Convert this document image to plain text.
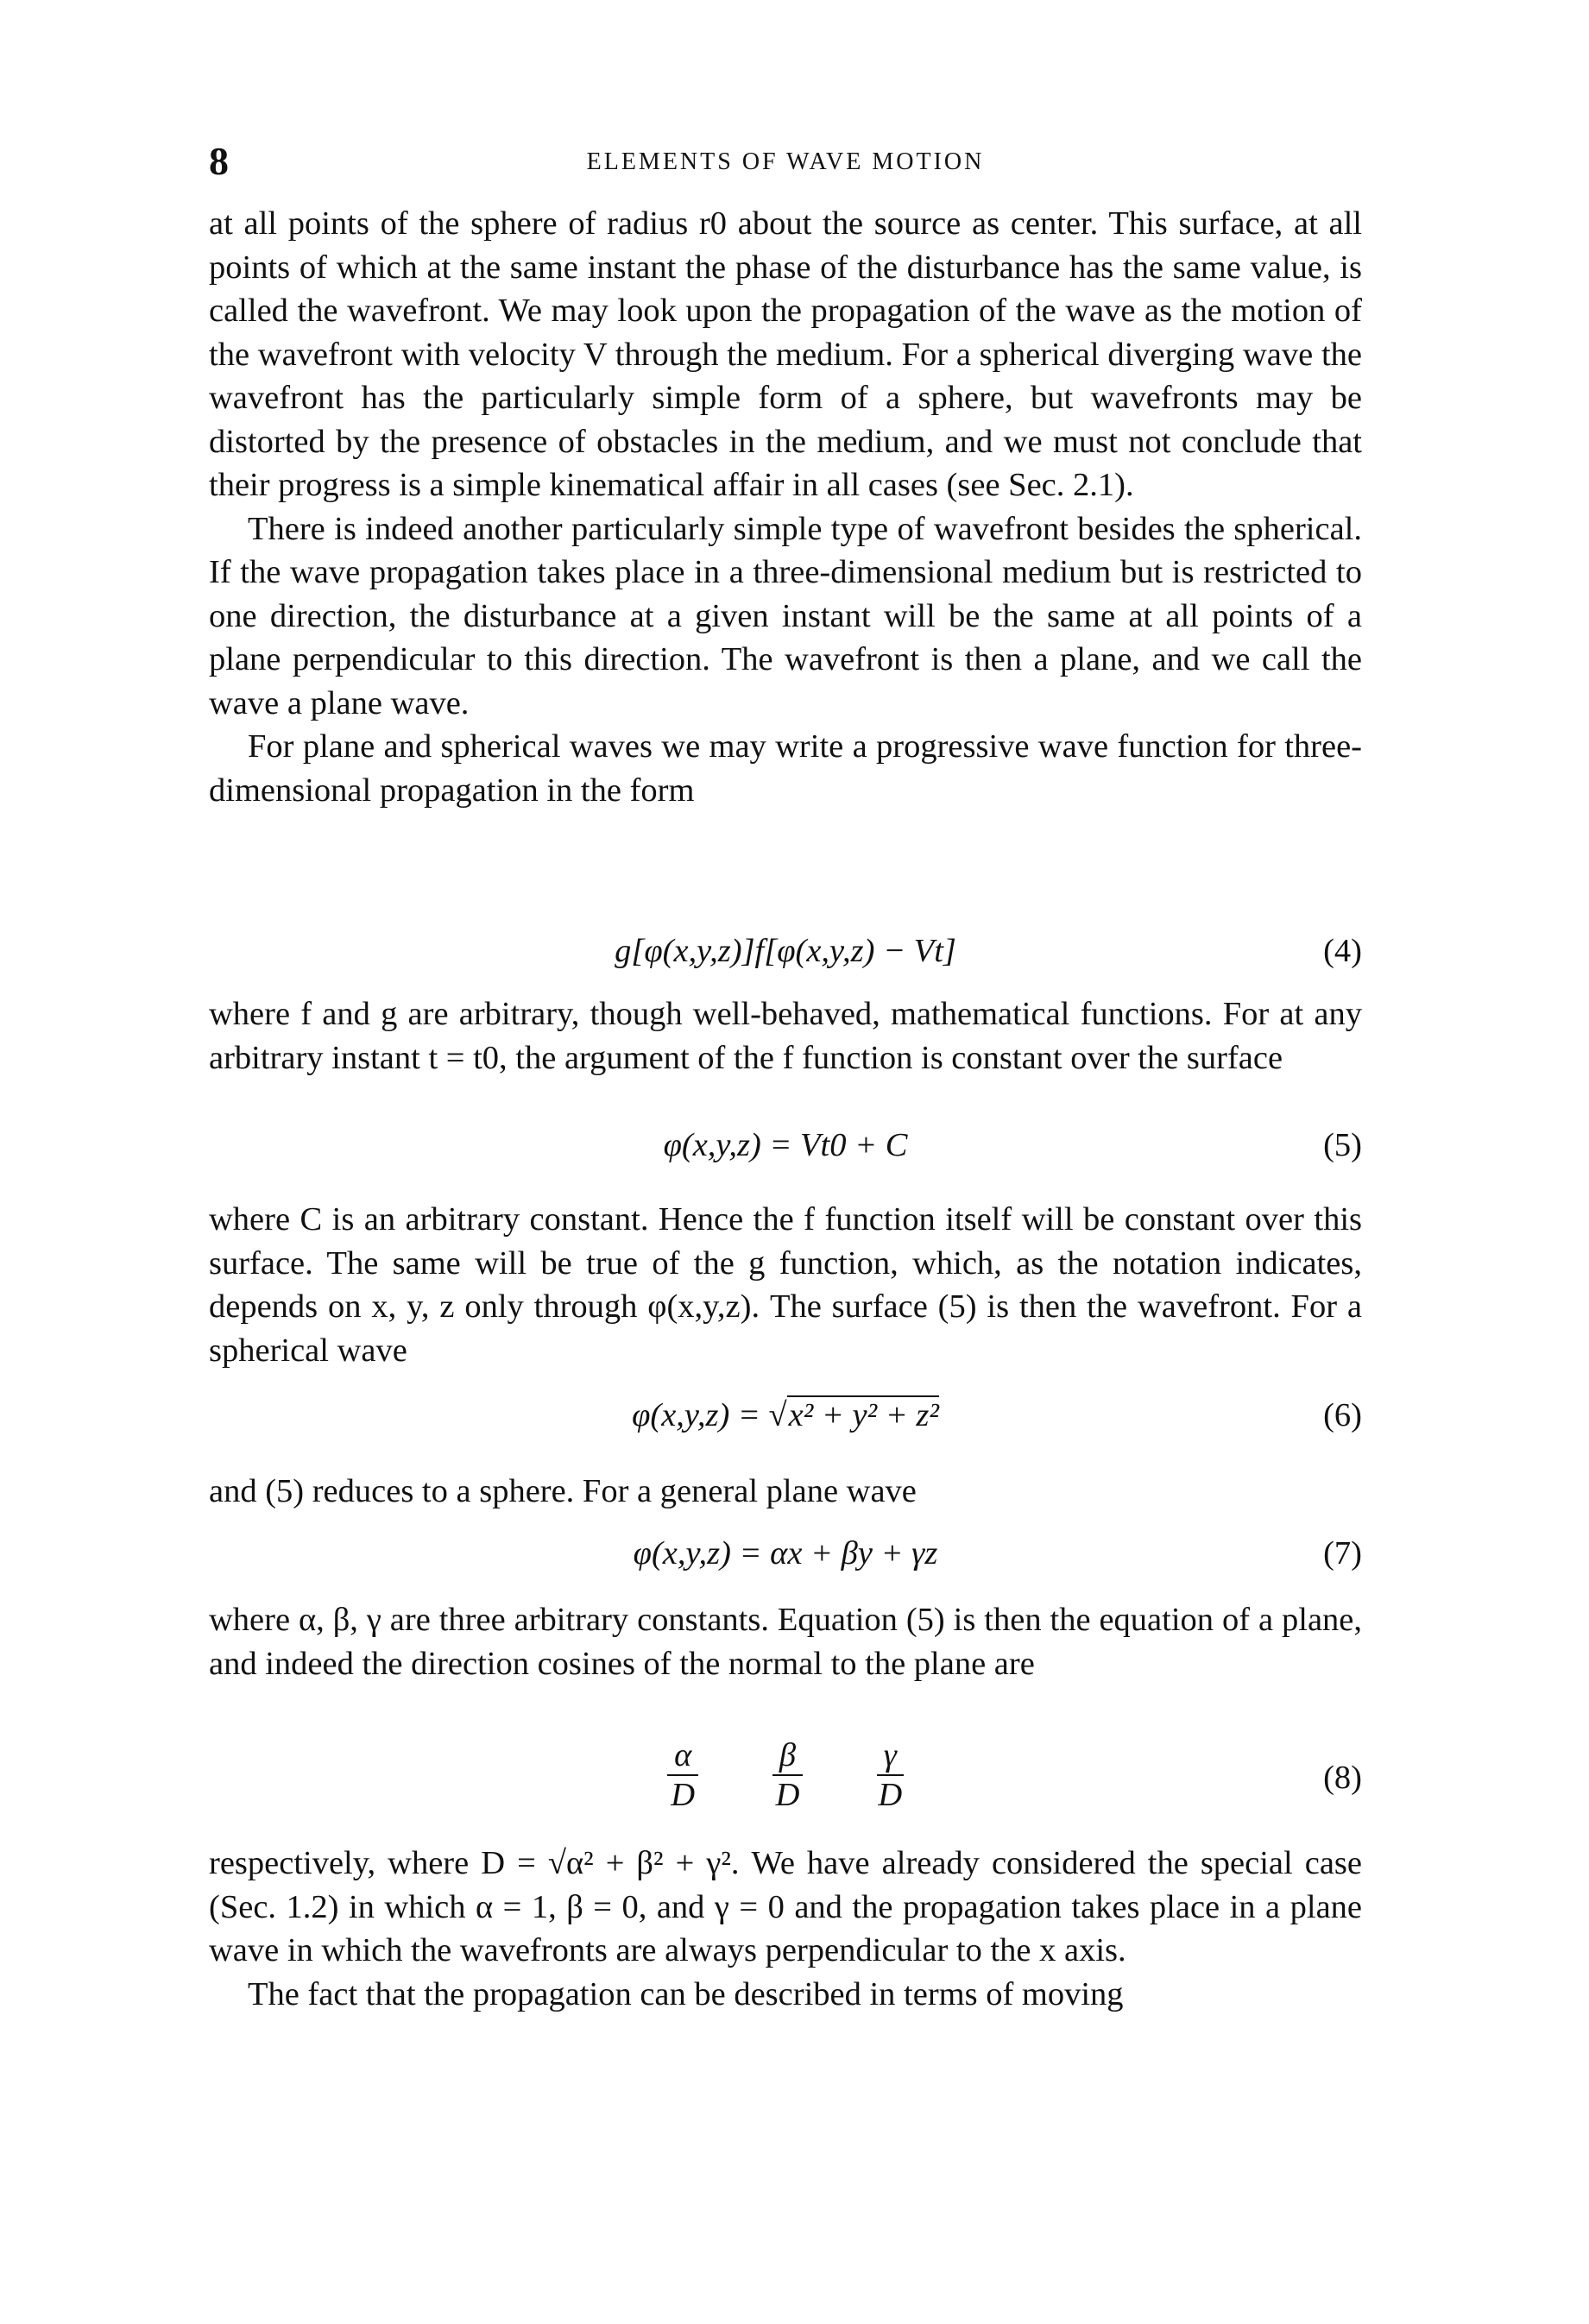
8	ELEMENTS OF WAVE MOTION

at all points of the sphere of radius r0 about the source as center. This surface, at all points of which at the same instant the phase of the disturbance has the same value, is called the wavefront. We may look upon the propagation of the wave as the motion of the wavefront with velocity V through the medium. For a spherical diverging wave the wavefront has the particularly simple form of a sphere, but wavefronts may be distorted by the presence of obstacles in the medium, and we must not conclude that their progress is a simple kinematical affair in all cases (see Sec. 2.1).

There is indeed another particularly simple type of wavefront besides the spherical. If the wave propagation takes place in a three-dimensional medium but is restricted to one direction, the disturbance at a given instant will be the same at all points of a plane perpendicular to this direction. The wavefront is then a plane, and we call the wave a plane wave.

For plane and spherical waves we may write a progressive wave function for three-dimensional propagation in the form

g[φ(x,y,z)]f[φ(x,y,z) − Vt]	(4)

where f and g are arbitrary, though well-behaved, mathematical functions. For at any arbitrary instant t = t0, the argument of the f function is constant over the surface

φ(x,y,z) = Vt0 + C	(5)

where C is an arbitrary constant. Hence the f function itself will be constant over this surface. The same will be true of the g function, which, as the notation indicates, depends on x, y, z only through φ(x,y,z). The surface (5) is then the wavefront. For a spherical wave

φ(x,y,z) = √x² + y² + z²	(6)

and (5) reduces to a sphere. For a general plane wave

φ(x,y,z) = αx + βy + γz	(7)

where α, β, γ are three arbitrary constants. Equation (5) is then the equation of a plane, and indeed the direction cosines of the normal to the plane are

$\frac{\alpha}{D}$
$\frac{\beta}{D}$
$\frac{\gamma}{D}$	(8)

respectively, where D = √α² + β² + γ². We have already considered the special case (Sec. 1.2) in which α = 1, β = 0, and γ = 0 and the propagation takes place in a plane wave in which the wavefronts are always perpendicular to the x axis.

The fact that the propagation can be described in terms of moving
